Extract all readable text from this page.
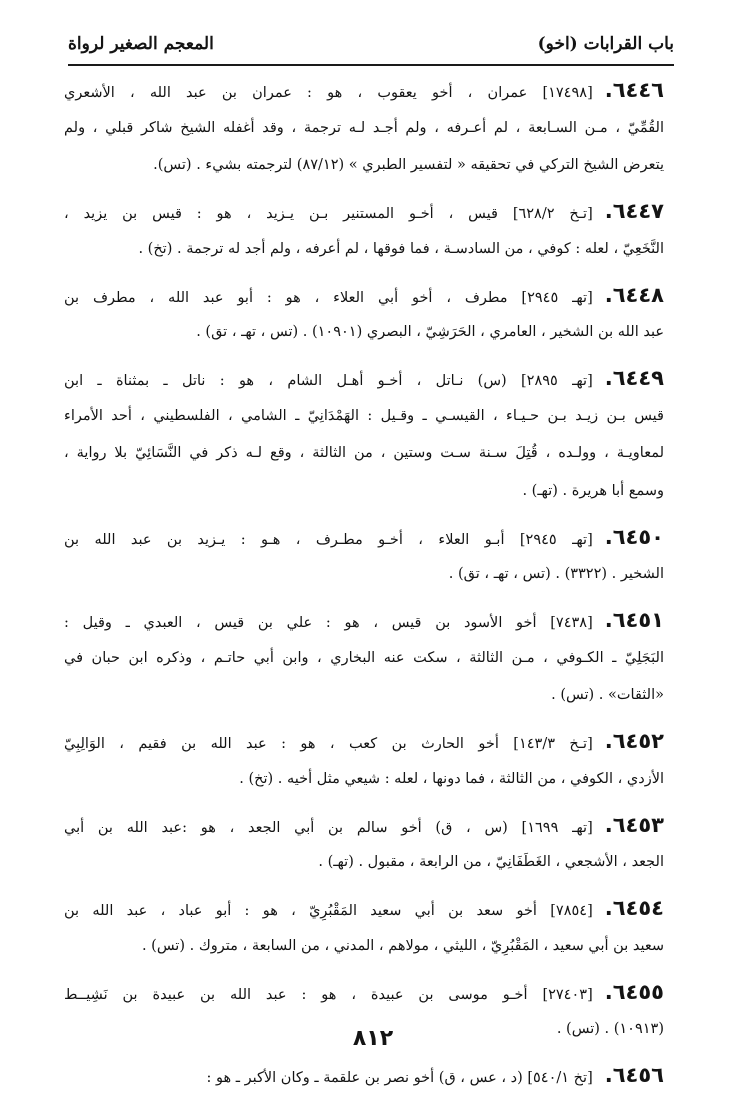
باب القرابات (اخو)
المعجم الصغير لرواة
٦٤٤٦.[١٧٤٩٨] عمران ، أخو يعقوب ، هو : عمران بن عبد الله ، الأشعري
القُمِّيّ ، مـن السـابعة ، لم أعـرفه ، ولم أجـد لـه ترجمة ، وقد أغفله الشيخ شاكر قبلي ، ولم
يتعرض الشيخ التركي في تحقيقه « لتفسير الطبري » (٨٧/١٢) لترجمته بشيء . (تس).
٦٤٤٧.[تـخ ٦٢٨/٢] قيس ، أخـو المستنير بـن يـزيد ، هو : قيس بن يزيد ،
النَّخَعِيّ ، لعله : كوفي ، من السادسـة ، فما فوقها ، لم أعرفه ، ولم أجد له ترجمة . (تخ) .
٦٤٤٨.[تهـ ٢٩٤٥] مطرف ، أخو أبي العلاء ، هو : أبو عبد الله ، مطرف بن
عبد الله بن الشخير ، العامري ، الحَرَشِيّ ، البصري (١٠٩٠١) . (تس ، تهـ ، تق) .
٦٤٤٩.[تهـ ٢٨٩٥] (س) نـاتل ، أخـو أهـل الشام ، هو : ناتل ـ بمثناة ـ ابن
قيس بـن زيـد بـن حـيـاء ، القيسـي ـ وقـيل : الهَمْدَانِيّ ـ الشامي ، الفلسطيني ، أحد الأمراء
لمعاويـة ، وولـده ، قُتِلَ سـنة سـت وستين ، من الثالثة ، وقع لـه ذكر في النَّسَائِيّ بلا رواية ،
وسمع أبا هريرة . (تهـ) .
٦٤٥٠.[تهـ ٢٩٤٥] أبـو العلاء ، أخـو مطـرف ، هـو : يـزيد بن عبد الله بن
الشخير . (٣٣٢٢) . (تس ، تهـ ، تق) .
٦٤٥١.[٧٤٣٨] أخو الأسود بن قيس ، هو : علي بن قيس ، العبدي ـ وقيل :
البَجَلِيّ ـ الكـوفي ، مـن الثالثة ، سكت عنه البخاري ، وابن أبي حاتـم ، وذكره ابن حبان في
«الثقات» . (تس) .
٦٤٥٢.[تـخ ١٤٣/٣] أخو الحارث بن كعب ، هو : عبد الله بن فقيم ، الوَالِبِيّ
الأزدي ، الكوفي ، من الثالثة ، فما دونها ، لعله : شيعي مثل أخيه . (تخ) .
٦٤٥٣.[تهـ ١٦٩٩] (س ، ق) أخو سالم بن أبي الجعد ، هو :عبد الله بن أبي
الجعد ، الأشجعي ، الغَطَفَانِيّ ، من الرابعة ، مقبول . (تهـ) .
٦٤٥٤.[٧٨٥٤] أخو سعد بن أبي سعيد المَقْبُرِيّ ، هو : أبو عباد ، عبد الله بن
سعيد بن أبي سعيد ، المَقْبُرِيّ ، الليثي ، مولاهم ، المدني ، من السابعة ، متروك . (تس) .
٦٤٥٥.[٢٧٤٠٣] أخـو موسى بن عبيدة ، هو : عبد الله بن عبيدة بن نَشِيــط
(١٠٩١٣) . (تس) .
٦٤٥٦.[تخ ٥٤٠/١] (د ، عس ، ق) أخو نصر بن علقمة ـ وكان الأكبر ـ هو :
٨١٢
